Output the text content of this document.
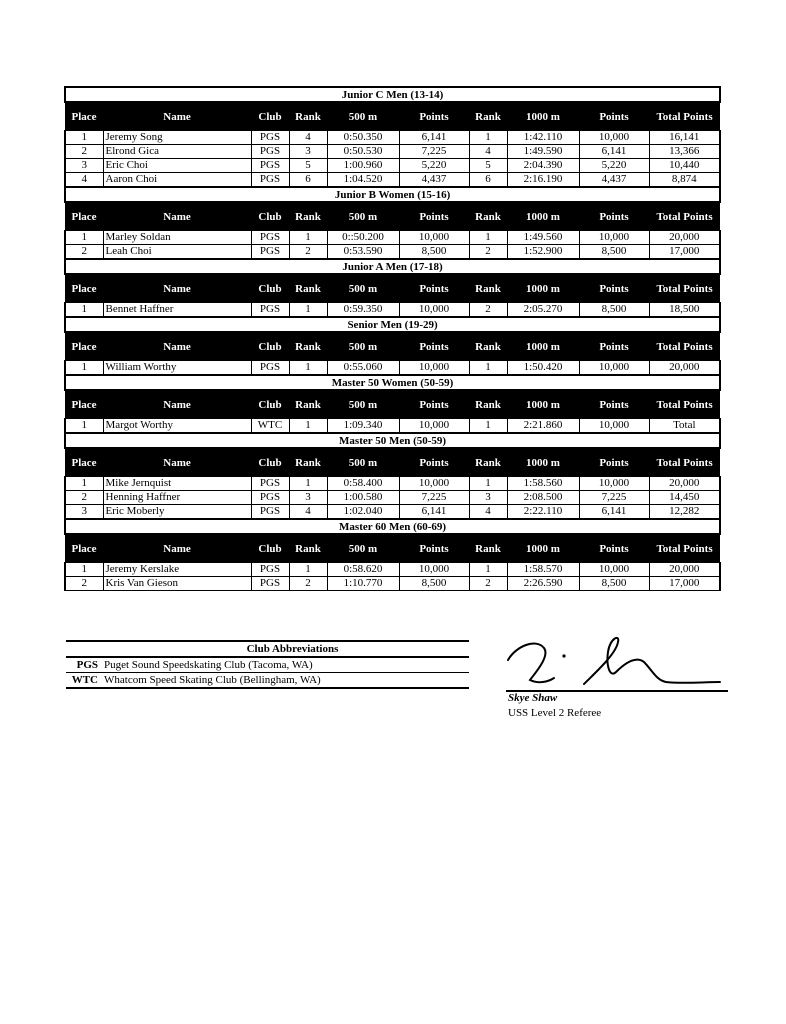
Junior C Men (13-14)									
Place	Name	Club	Rank	500 m	Points	Rank	1000 m	Points	Total Points
1	Jeremy Song	PGS	4	0:50.350	6,141	1	1:42.110	10,000	16,141
2	Elrond Gica	PGS	3	0:50.530	7,225	4	1:49.590	6,141	13,366
3	Eric Choi	PGS	5	1:00.960	5,220	5	2:04.390	5,220	10,440
4	Aaron Choi	PGS	6	1:04.520	4,437	6	2:16.190	4,437	8,874
Junior B Women (15-16)									
Place	Name	Club	Rank	500 m	Points	Rank	1000 m	Points	Total Points
1	Marley Soldan	PGS	1	0::50.200	10,000	1	1:49.560	10,000	20,000
2	Leah Choi	PGS	2	0:53.590	8,500	2	1:52.900	8,500	17,000
Junior A Men (17-18)									
Place	Name	Club	Rank	500 m	Points	Rank	1000 m	Points	Total Points
1	Bennet Haffner	PGS	1	0:59.350	10,000	2	2:05.270	8,500	18,500
Senior Men (19-29)									
Place	Name	Club	Rank	500 m	Points	Rank	1000 m	Points	Total Points
1	William Worthy	PGS	1	0:55.060	10,000	1	1:50.420	10,000	20,000
Master 50 Women (50-59)									
Place	Name	Club	Rank	500 m	Points	Rank	1000 m	Points	Total Points
1	Margot Worthy	WTC	1	1:09.340	10,000	1	2:21.860	10,000	Total
Master 50 Men (50-59)									
Place	Name	Club	Rank	500 m	Points	Rank	1000 m	Points	Total Points
1	Mike Jernquist	PGS	1	0:58.400	10,000	1	1:58.560	10,000	20,000
2	Henning Haffner	PGS	3	1:00.580	7,225	3	2:08.500	7,225	14,450
3	Eric Moberly	PGS	4	1:02.040	6,141	4	2:22.110	6,141	12,282
Master 60 Men (60-69)									
Place	Name	Club	Rank	500 m	Points	Rank	1000 m	Points	Total Points
1	Jeremy Kerslake	PGS	1	0:58.620	10,000	1	1:58.570	10,000	20,000
2	Kris Van Gieson	PGS	2	1:10.770	8,500	2	2:26.590	8,500	17,000
Club Abbreviations
PGS Puget Sound Speedskating Club (Tacoma, WA)
WTC Whatcom Speed Skating Club (Bellingham, WA)
Skye Shaw
USS Level 2 Referee
